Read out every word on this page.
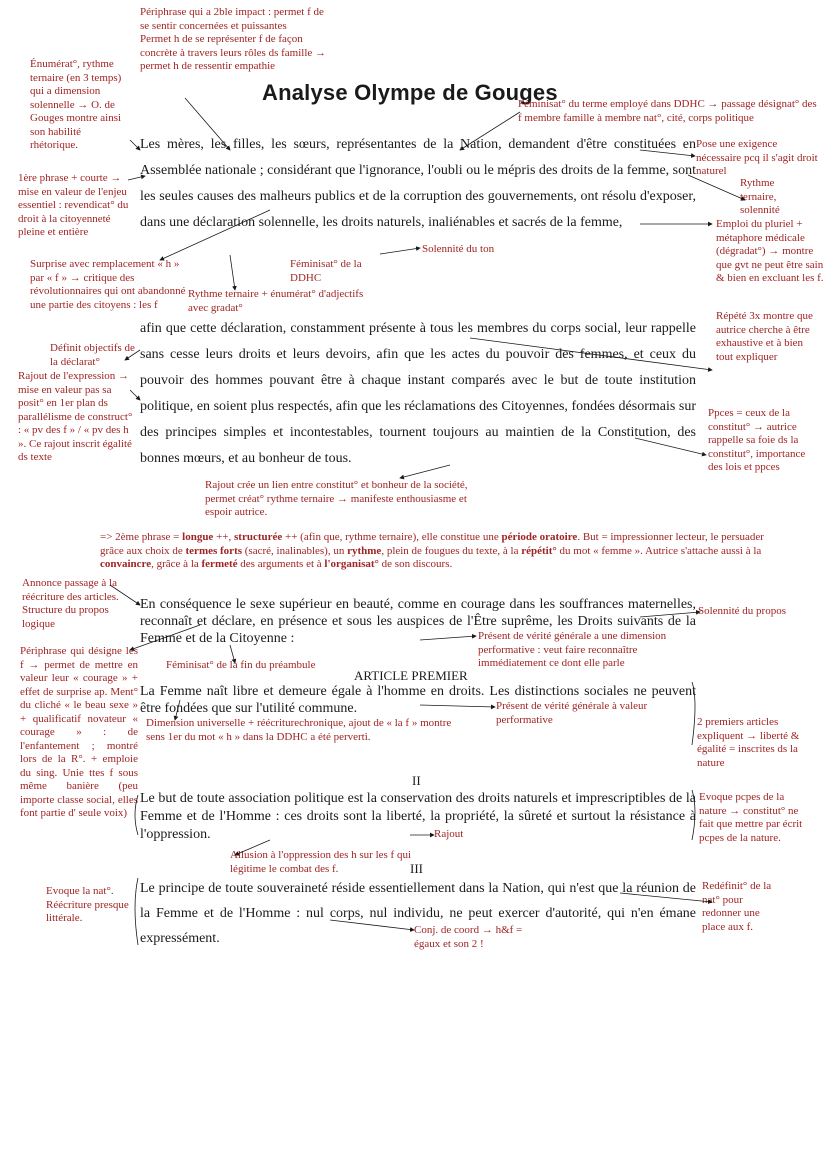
Analyse Olympe de Gouges

Les mères, les filles, les sœurs, représentantes de la Nation, demandent d'être constituées en Assemblée nationale ; considérant que l'ignorance, l'oubli ou le mépris des droits de la femme, sont les seules causes des malheurs publics et de la corruption des gouvernements, ont résolu d'exposer, dans une déclaration solennelle, les droits naturels, inaliénables et sacrés de la femme,

afin que cette déclaration, constamment présente à tous les membres du corps social, leur rappelle sans cesse leurs droits et leurs devoirs, afin que les actes du pouvoir des femmes, et ceux du pouvoir des hommes pouvant être à chaque instant comparés avec le but de toute institution politique, en soient plus respectés, afin que les réclamations des Citoyennes, fondées désormais sur des principes simples et incontestables, tournent toujours au maintien de la Constitution, des bonnes mœurs, et au bonheur de tous.

En conséquence le sexe supérieur en beauté, comme en courage dans les souffrances maternelles, reconnaît et déclare, en présence et sous les auspices de l'Être suprême, les Droits suivants de la Femme et de la Citoyenne :

ARTICLE PREMIER

La Femme naît libre et demeure égale à l'homme en droits. Les distinctions sociales ne peuvent être fondées que sur l'utilité commune.

II

Le but de toute association politique est la conservation des droits naturels et imprescriptibles de la Femme et de l'Homme : ces droits sont la liberté, la propriété, la sûreté et surtout la résistance à l'oppression.

III

Le principe de toute souveraineté réside essentiellement dans la Nation, qui n'est que la réunion de la Femme et de l'Homme : nul corps, nul individu, ne peut exercer d'autorité, qui n'en émane expressément.

=> 2ème phrase = longue ++, structurée ++ (afin que, rythme ternaire), elle constitue une période oratoire. But = impressionner lecteur, le persuader grâce aux choix de termes forts (sacré, inalinables), un rythme, plein de fougues du texte, à la répétit° du mot « femme ». Autrice s'attache aussi à la convaincre, grâce à la fermeté des arguments et à l'organisat° de son discours.
Périphrase qui a 2ble impact : permet f de se sentir concernées et puissantes
Permet h de se représenter f de façon concrète à travers leurs rôles ds famille → permet h de ressentir empathie
Énumérat°, rythme ternaire (en 3 temps) qui a dimension solennelle → O. de Gouges montre ainsi son habilité rhétorique.
1ère phrase + courte → mise en valeur de l'enjeu essentiel : revendicat° du droit à la citoyenneté pleine et entière
Féminisat° du terme employé dans DDHC → passage désignat° des f membre famille à membre nat°, cité, corps politique
Pose une exigence nécessaire pcq il s'agit droit naturel
Rythme ternaire, solennité
Emploi du pluriel + métaphore médicale (dégradat°) → montre que gvt ne peut être sain & bien en excluant les f.
Surprise avec remplacement « h » par « f » → critique des révolutionnaires qui ont abandonné une partie des citoyens : les f
Féminisat° de la DDHC
Solennité du ton
Rythme ternaire + énumérat° d'adjectifs avec gradat°
Définit objectifs de la déclarat°
Rajout de l'expression → mise en valeur pas sa posit° en 1er plan ds parallélisme de construct° : « pv des f » / « pv des h ». Ce rajout inscrit égalité ds texte
Répété 3x montre que autrice cherche à être exhaustive et à bien tout expliquer
Ppces = ceux de la constitut° → autrice rappelle sa foie ds la constitut°, importance des lois et ppces
Rajout crée un lien entre constitut° et bonheur de la société, permet créat° rythme ternaire → manifeste enthousiasme et espoir autrice.
Annonce passage à la réécriture des articles. Structure du propos logique
Solennité du propos
Présent de vérité générale a une dimension performative : veut faire reconnaître immédiatement ce dont elle parle
Périphrase qui désigne les f → permet de mettre en valeur leur « courage » + effet de surprise ap. Ment° du cliché « le beau sexe » + qualificatif novateur « courage » : de l'enfantement ; montré lors de la R°. + emploie du sing. Unie ttes f sous même banière (peu importe classe social, elles font partie d' seule voix)
Féminisat° de la fin du préambule
Présent de vérité générale à valeur performative
Dimension universelle + réécriturechronique, ajout de « la f » montre sens 1er du mot « h » dans la DDHC a été perverti.
2 premiers articles expliquent → liberté & égalité = inscrites ds la nature
Evoque pcpes de la nature → constitut° ne fait que mettre par écrit pcpes de la nature.
Rajout
Allusion à l'oppression des h sur les f qui légitime le combat des f.
Evoque la nat°. Réécriture presque littérale.
Redéfinit° de la nat° pour redonner une place aux f.
Conj. de coord → h&f = égaux et son 2 !
